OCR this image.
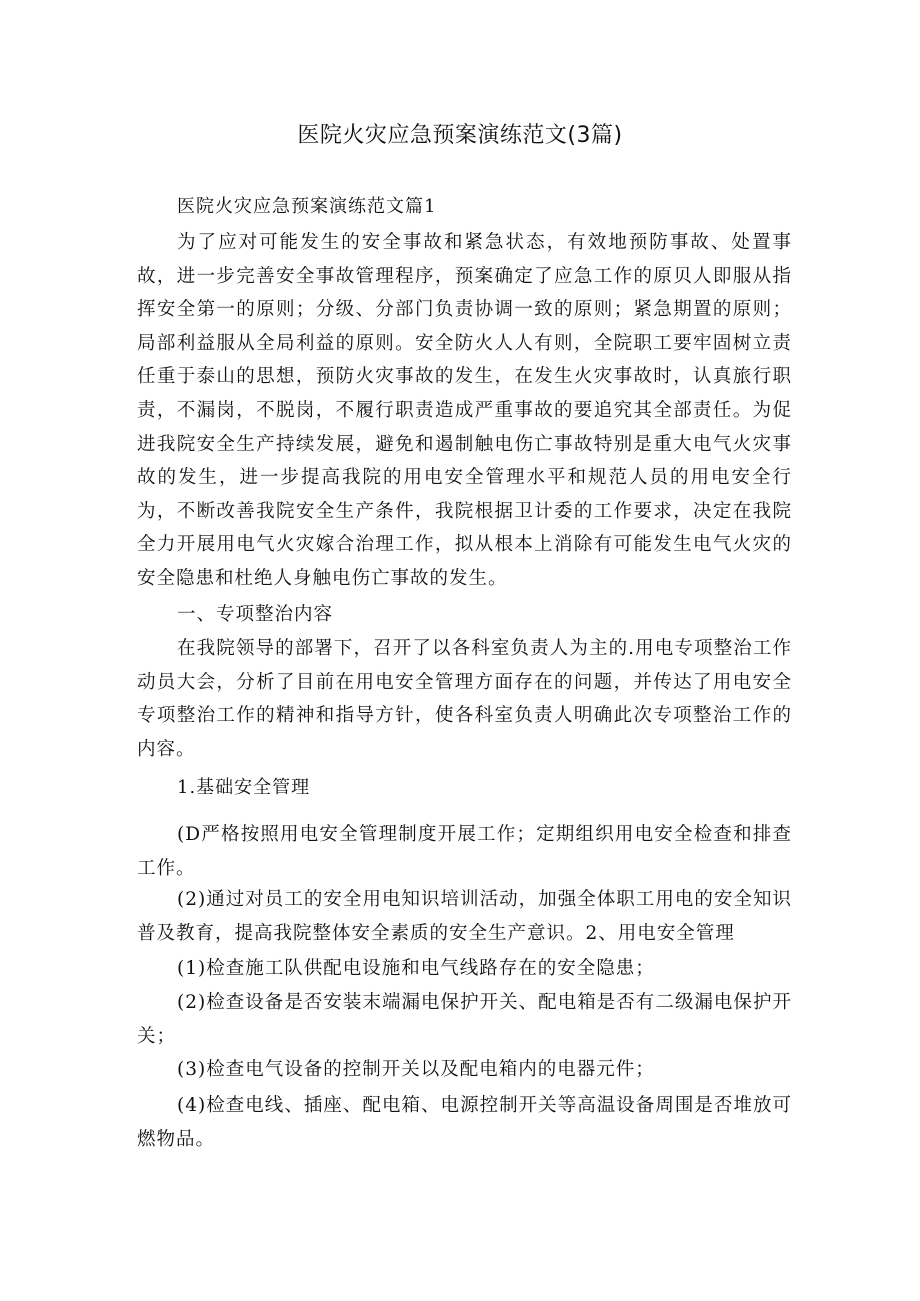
医院火灾应急预案演练范文(3篇)
医院火灾应急预案演练范文篇1

为了应对可能发生的安全事故和紧急状态，有效地预防事故、处置事故，进一步完善安全事故管理程序，预案确定了应急工作的原贝人即服从指挥安全第一的原则；分级、分部门负责协调一致的原则；紧急期置的原则；局部利益服从全局利益的原则。安全防火人人有则，全院职工要牢固树立责任重于泰山的思想，预防火灾事故的发生，在发生火灾事故时，认真旅行职责，不漏岗，不脱岗，不履行职责造成严重事故的要追究其全部责任。为促进我院安全生产持续发展，避免和遏制触电伤亡事故特别是重大电气火灾事故的发生，进一步提高我院的用电安全管理水平和规范人员的用电安全行为，不断改善我院安全生产条件，我院根据卫计委的工作要求，决定在我院全力开展用电气火灾嫁合治理工作，拟从根本上消除有可能发生电气火灾的安全隐患和杜绝人身触电伤亡事故的发生。

一、专项整治内容

在我院领导的部署下，召开了以各科室负责人为主的.用电专项整治工作动员大会，分析了目前在用电安全管理方面存在的问题，并传达了用电安全专项整治工作的精神和指导方针，使各科室负责人明确此次专项整治工作的内容。

1.基础安全管理

(D严格按照用电安全管理制度开展工作；定期组织用电安全检查和排查工作。

(2)通过对员工的安全用电知识培训活动，加强全体职工用电的安全知识普及教育，提高我院整体安全素质的安全生产意识。2、用电安全管理

(1)检查施工队供配电设施和电气线路存在的安全隐患；

(2)检查设备是否安装末端漏电保护开关、配电箱是否有二级漏电保护开关；

(3)检查电气设备的控制开关以及配电箱内的电器元件；

(4)检查电线、插座、配电箱、电源控制开关等高温设备周围是否堆放可燃物品。
